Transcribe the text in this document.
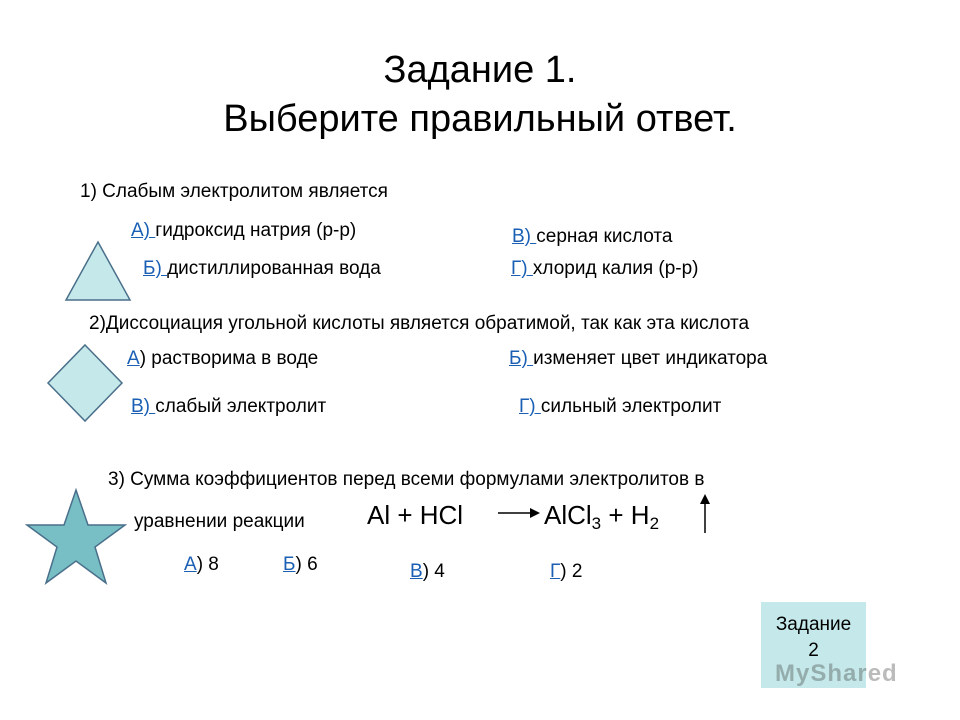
Задание 1.
Выберите правильный ответ.
1) Слабым электролитом является
А) гидроксид натрия (р-р)
Б) дистиллированная вода
В) серная кислота
Г) хлорид калия (р-р)
2)Диссоциация угольной кислоты является обратимой, так как эта кислота
А) растворима в воде	Б) изменяет цвет индикатора
В) слабый электролит	Г) сильный электролит
3) Сумма коэффициентов перед всеми формулами электролитов в
уравнении реакции Al + HCl → AlCl$_3$ + $H_2$
А) 8	Б) 6	В) 4	Г) 2
Задание
2
MyShared
